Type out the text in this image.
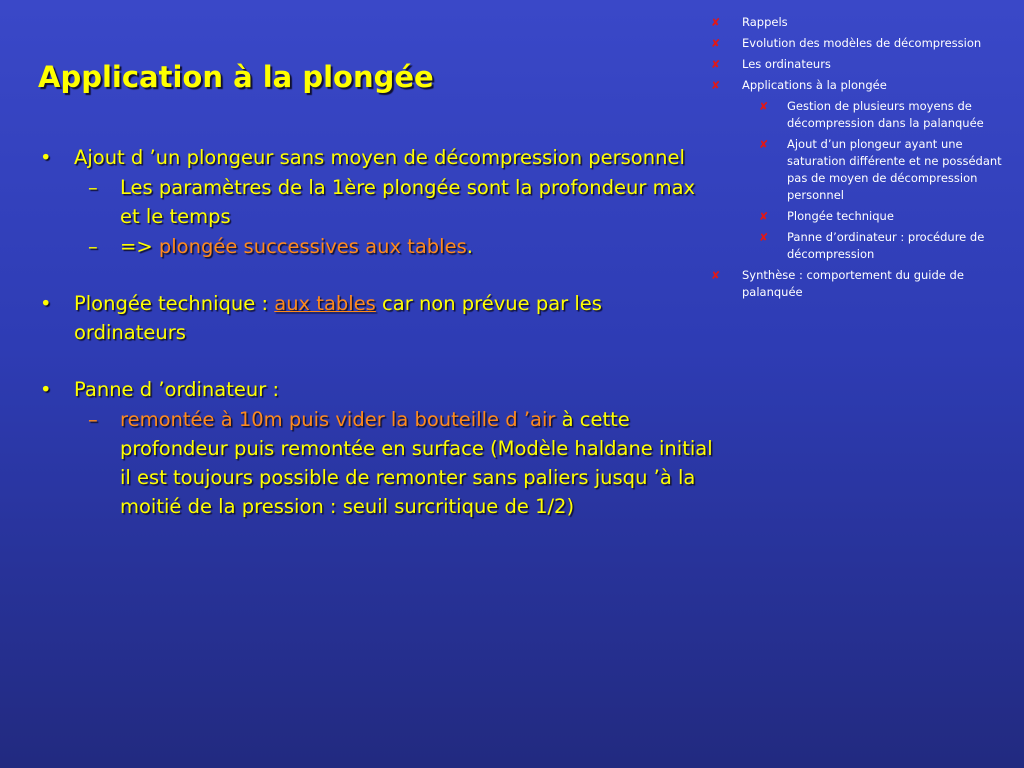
Application à la plongée
• Ajout d ’un plongeur sans moyen de décompression personnel
– Les paramètres de la 1ère plongée sont la profondeur max et le temps
– => plongée successives aux tables.
• Plongée technique : aux tables car non prévue par les ordinateurs
• Panne d ’ordinateur :
– remontée à 10m puis vider la bouteille d ’air à cette profondeur puis remontée en surface (Modèle haldane initial il est toujours possible de remonter sans paliers jusqu ’à la moitié de la pression : seuil surcritique de 1/2)
✘ Rappels
✘ Evolution des modèles de décompression
✘ Les ordinateurs
✘ Applications à la plongée
✘ Gestion de plusieurs moyens de décompression dans la palanquée
✘ Ajout d’un plongeur ayant une saturation différente et ne possédant pas de moyen de décompression personnel
✘ Plongée technique
✘ Panne d’ordinateur : procédure de décompression
✘ Synthèse : comportement du guide de palanquée
